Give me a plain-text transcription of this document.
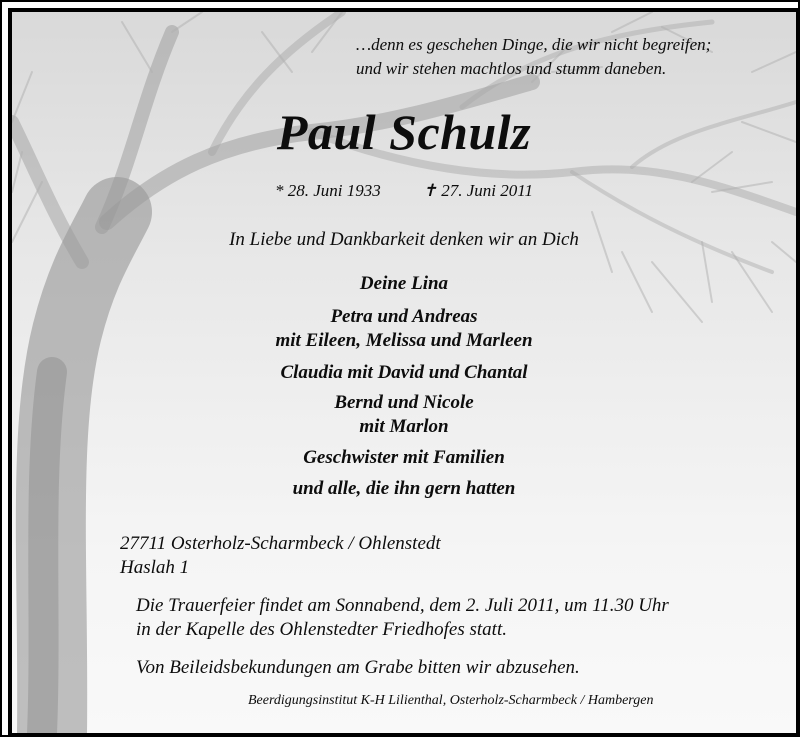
…denn es geschehen Dinge, die wir nicht begreifen;
und wir stehen machtlos und stumm daneben.
Paul Schulz
* 28. Juni 1933 ✝ 27. Juni 2011
In Liebe und Dankbarkeit denken wir an Dich
Deine Lina
Petra und Andreas
mit Eileen, Melissa und Marleen
Claudia mit David und Chantal
Bernd und Nicole
mit Marlon
Geschwister mit Familien
und alle, die ihn gern hatten
27711 Osterholz-Scharmbeck / Ohlenstedt
Haslah 1
Die Trauerfeier findet am Sonnabend, dem 2. Juli 2011, um 11.30 Uhr
in der Kapelle des Ohlenstedter Friedhofes statt.
Von Beileidsbekundungen am Grabe bitten wir abzusehen.
Beerdigungsinstitut K-H Lilienthal, Osterholz-Scharmbeck / Hambergen
